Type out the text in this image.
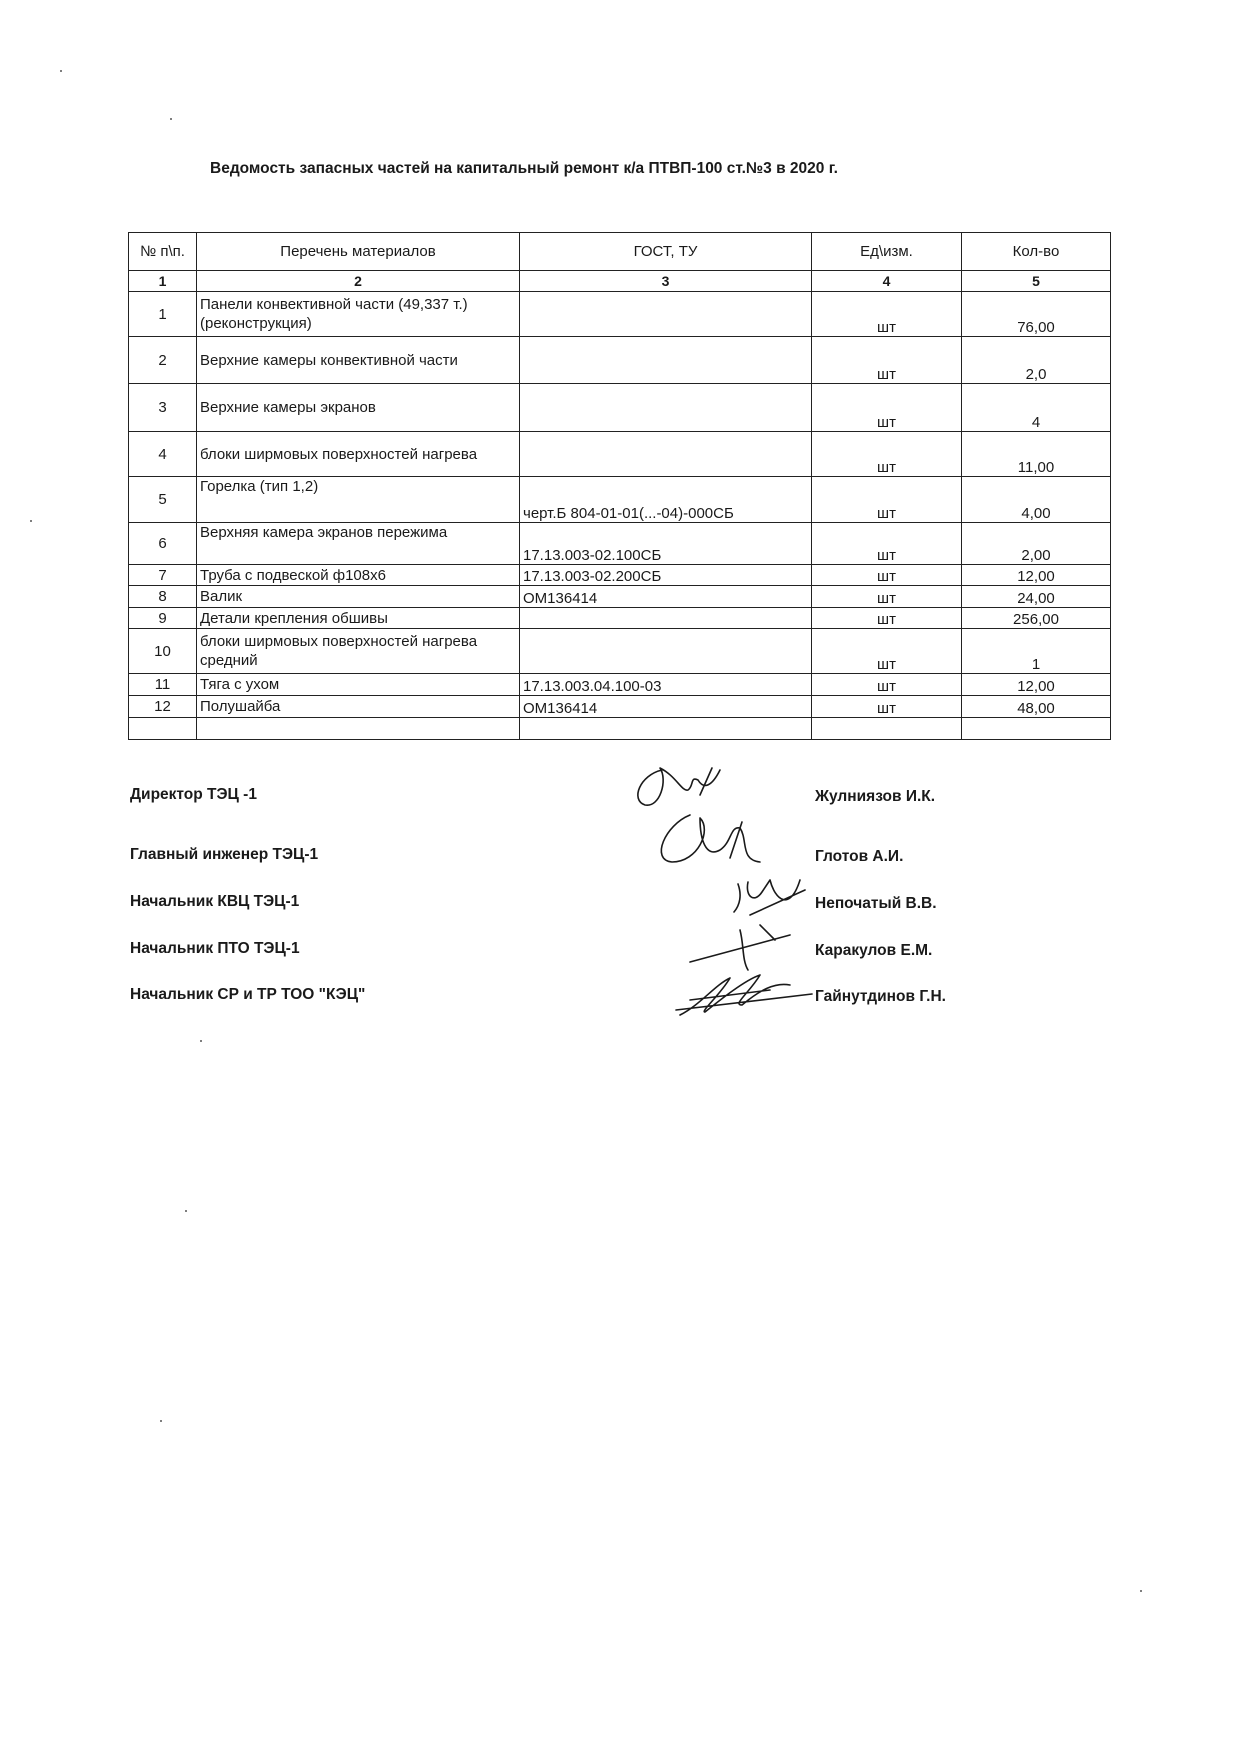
Ведомость запасных частей на капитальный ремонт к/а ПТВП-100 ст.№3 в 2020 г.
№ п\п.	Перечень материалов	ГОСТ, ТУ	Ед\изм.	Кол-во
1	2	3	4	5
1	Панели конвективной части (49,337 т.) (реконструкция)		шт	76,00
2	Верхние камеры конвективной части		шт	2,0
3	Верхние камеры экранов		шт	4
4	блоки ширмовых поверхностей нагрева		шт	11,00
5	Горелка (тип 1,2)	черт.Б 804-01-01(...-04)-000СБ	шт	4,00
6	Верхняя камера экранов пережима	17.13.003-02.100СБ	шт	2,00
7	Труба с подвеской ф108х6	17.13.003-02.200СБ	шт	12,00
8	Валик	ОМ136414	шт	24,00
9	Детали крепления обшивы		шт	256,00
10	блоки ширмовых поверхностей нагрева средний		шт	1
11	Тяга с ухом	17.13.003.04.100-03	шт	12,00
12	Полушайба	ОМ136414	шт	48,00

Директор ТЭЦ -1	Жулниязов И.К.
Главный инженер ТЭЦ-1	Глотов А.И.
Начальник КВЦ ТЭЦ-1	Непочатый В.В.
Начальник ПТО ТЭЦ-1	Каракулов Е.М.
Начальник СР и ТР ТОО "КЭЦ"	Гайнутдинов Г.Н.
